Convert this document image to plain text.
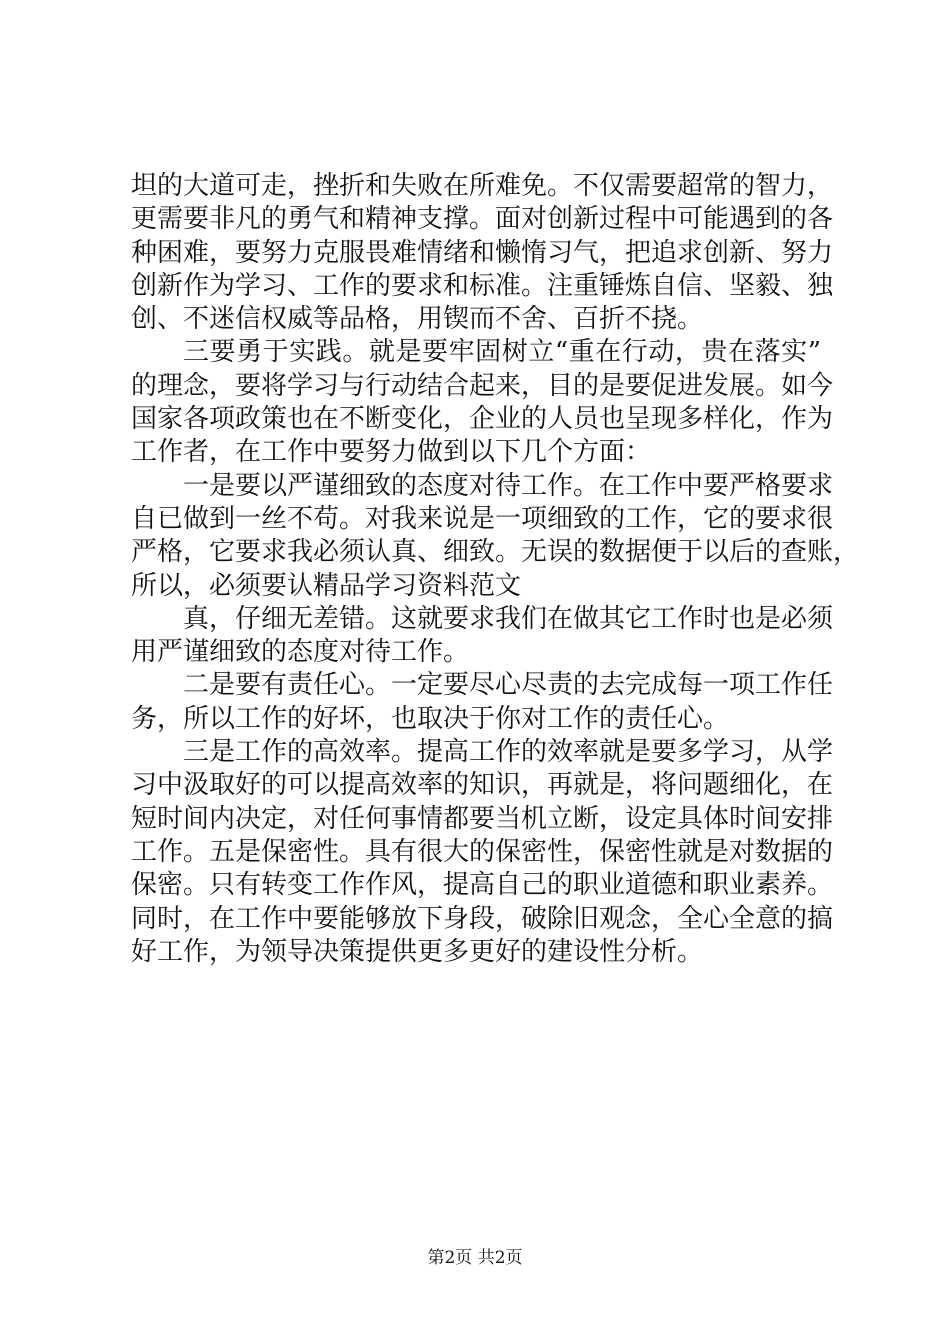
坦的大道可走，挫折和失败在所难免。不仅需要超常的智力，
更需要非凡的勇气和精神支撑。面对创新过程中可能遇到的各
种困难，要努力克服畏难情绪和懒惰习气，把追求创新、努力
创新作为学习、工作的要求和标准。注重锤炼自信、坚毅、独
创、不迷信权威等品格，用锲而不舍、百折不挠。
三要勇于实践。就是要牢固树立“重在行动，贵在落实”
的理念，要将学习与行动结合起来，目的是要促进发展。如今
国家各项政策也在不断变化，企业的人员也呈现多样化，作为
工作者，在工作中要努力做到以下几个方面：
一是要以严谨细致的态度对待工作。在工作中要严格要求
自已做到一丝不苟。对我来说是一项细致的工作，它的要求很
严格，它要求我必须认真、细致。无误的数据便于以后的查账，
所以，必须要认精品学习资料范文
真，仔细无差错。这就要求我们在做其它工作时也是必须
用严谨细致的态度对待工作。
二是要有责任心。一定要尽心尽责的去完成每一项工作任
务，所以工作的好坏，也取决于你对工作的责任心。
三是工作的高效率。提高工作的效率就是要多学习，从学
习中汲取好的可以提高效率的知识，再就是，将问题细化，在
短时间内决定，对任何事情都要当机立断，设定具体时间安排
工作。五是保密性。具有很大的保密性，保密性就是对数据的
保密。只有转变工作作风，提高自己的职业道德和职业素养。
同时，在工作中要能够放下身段，破除旧观念，全心全意的搞
好工作，为领导决策提供更多更好的建设性分析。
第2页 共2页
